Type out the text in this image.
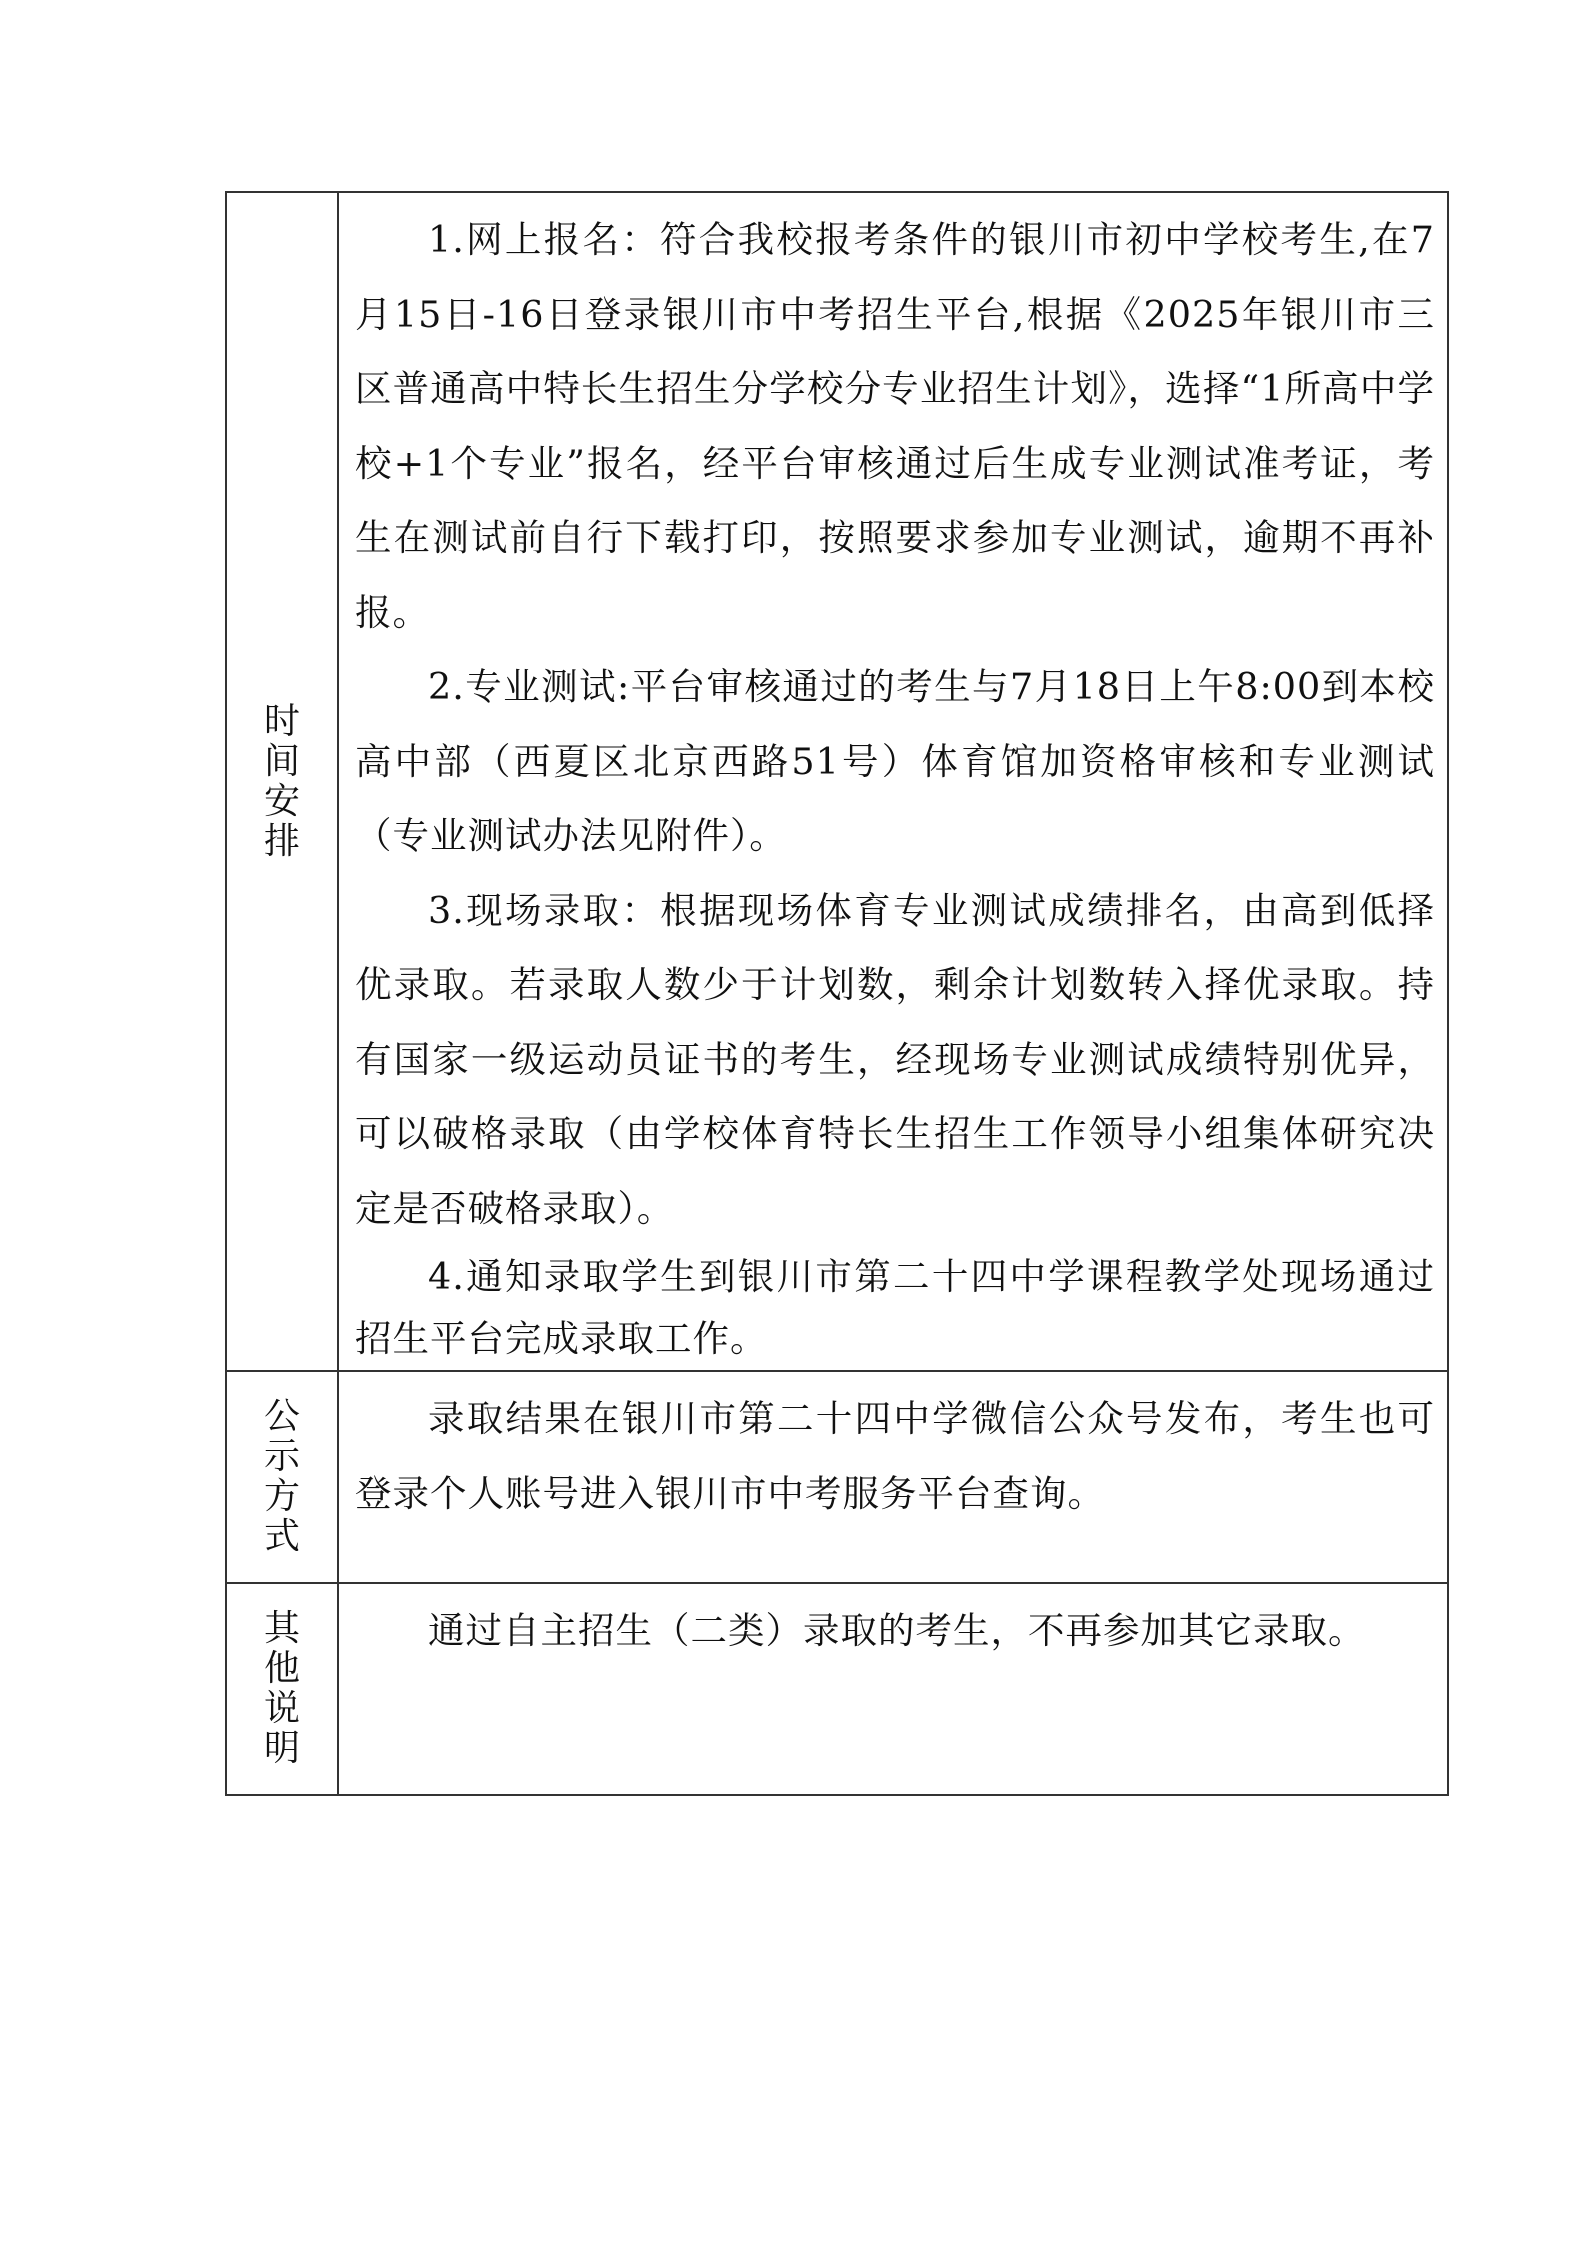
时间安排	1.网上报名：符合我校报考条件的银川市初中学校考生,在7月15日-16日登录银川市中考招生平台,根据《2025年银川市三区普通高中特长生招生分学校分专业招生计划》，选择“1所高中学校+1个专业”报名，经平台审核通过后生成专业测试准考证，考生在测试前自行下载打印，按照要求参加专业测试，逾期不再补报。

2.专业测试:平台审核通过的考生与7月18日上午8:00到本校高中部（西夏区北京西路51号）体育馆加资格审核和专业测试（专业测试办法见附件）。

3.现场录取：根据现场体育专业测试成绩排名，由高到低择优录取。若录取人数少于计划数，剩余计划数转入择优录取。持有国家一级运动员证书的考生，经现场专业测试成绩特别优异，可以破格录取（由学校体育特长生招生工作领导小组集体研究决定是否破格录取）。

4.通知录取学生到银川市第二十四中学课程教学处现场通过招生平台完成录取工作。

公示方式	录取结果在银川市第二十四中学微信公众号发布，考生也可登录个人账号进入银川市中考服务平台查询。

其他说明	通过自主招生（二类）录取的考生，不再参加其它录取。
